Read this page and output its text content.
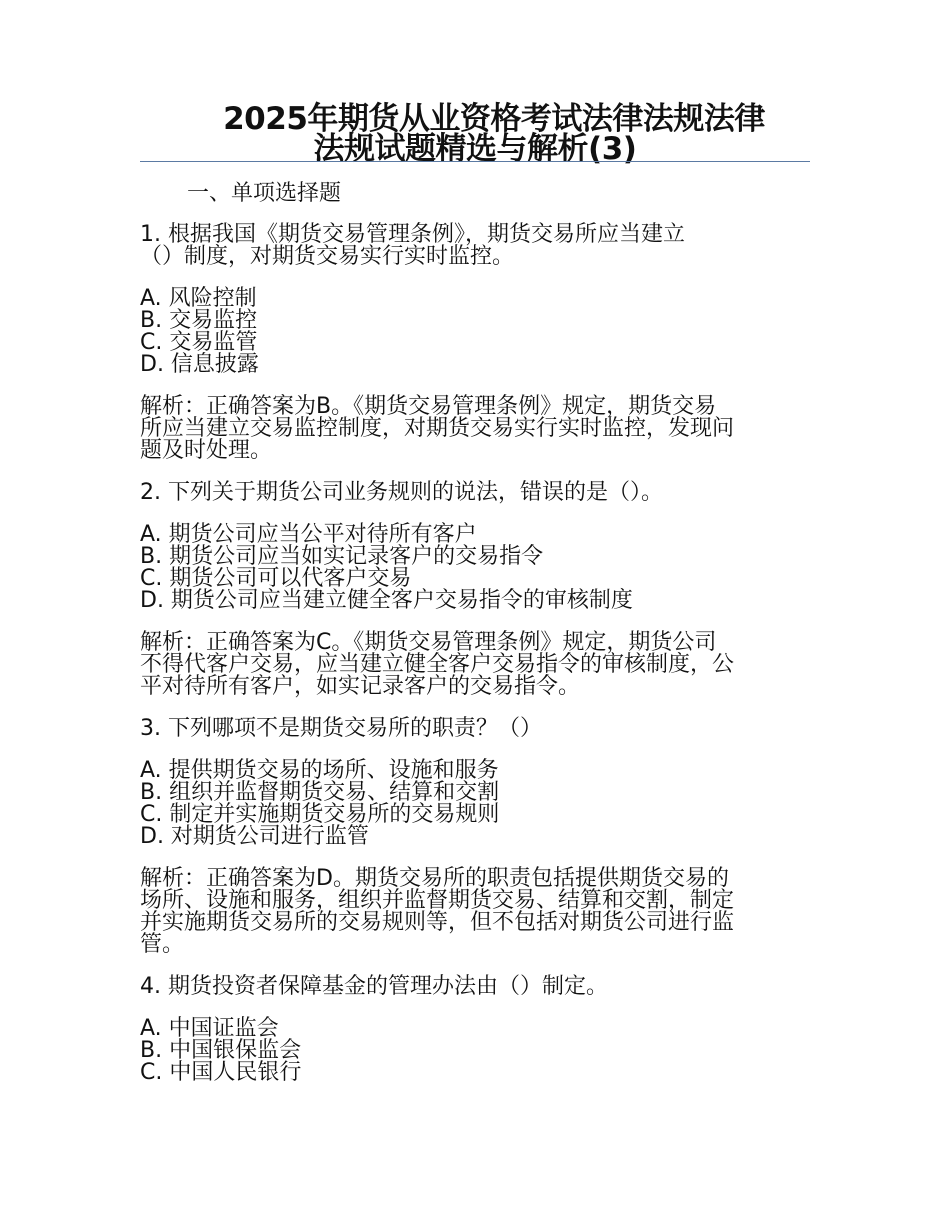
2025年期货从业资格考试法律法规法律
法规试题精选与解析(3)
一、单项选择题
1. 根据我国《期货交易管理条例》，期货交易所应当建立
（）制度，对期货交易实行实时监控。
A. 风险控制
B. 交易监控
C. 交易监管
D. 信息披露
解析：正确答案为B。《期货交易管理条例》规定，期货交易
所应当建立交易监控制度，对期货交易实行实时监控，发现问
题及时处理。
2. 下列关于期货公司业务规则的说法，错误的是（）。
A. 期货公司应当公平对待所有客户
B. 期货公司应当如实记录客户的交易指令
C. 期货公司可以代客户交易
D. 期货公司应当建立健全客户交易指令的审核制度
解析：正确答案为C。《期货交易管理条例》规定，期货公司
不得代客户交易，应当建立健全客户交易指令的审核制度，公
平对待所有客户，如实记录客户的交易指令。
3. 下列哪项不是期货交易所的职责？（）
A. 提供期货交易的场所、设施和服务
B. 组织并监督期货交易、结算和交割
C. 制定并实施期货交易所的交易规则
D. 对期货公司进行监管
解析：正确答案为D。期货交易所的职责包括提供期货交易的
场所、设施和服务，组织并监督期货交易、结算和交割，制定
并实施期货交易所的交易规则等，但不包括对期货公司进行监
管。
4. 期货投资者保障基金的管理办法由（）制定。
A. 中国证监会
B. 中国银保监会
C. 中国人民银行
